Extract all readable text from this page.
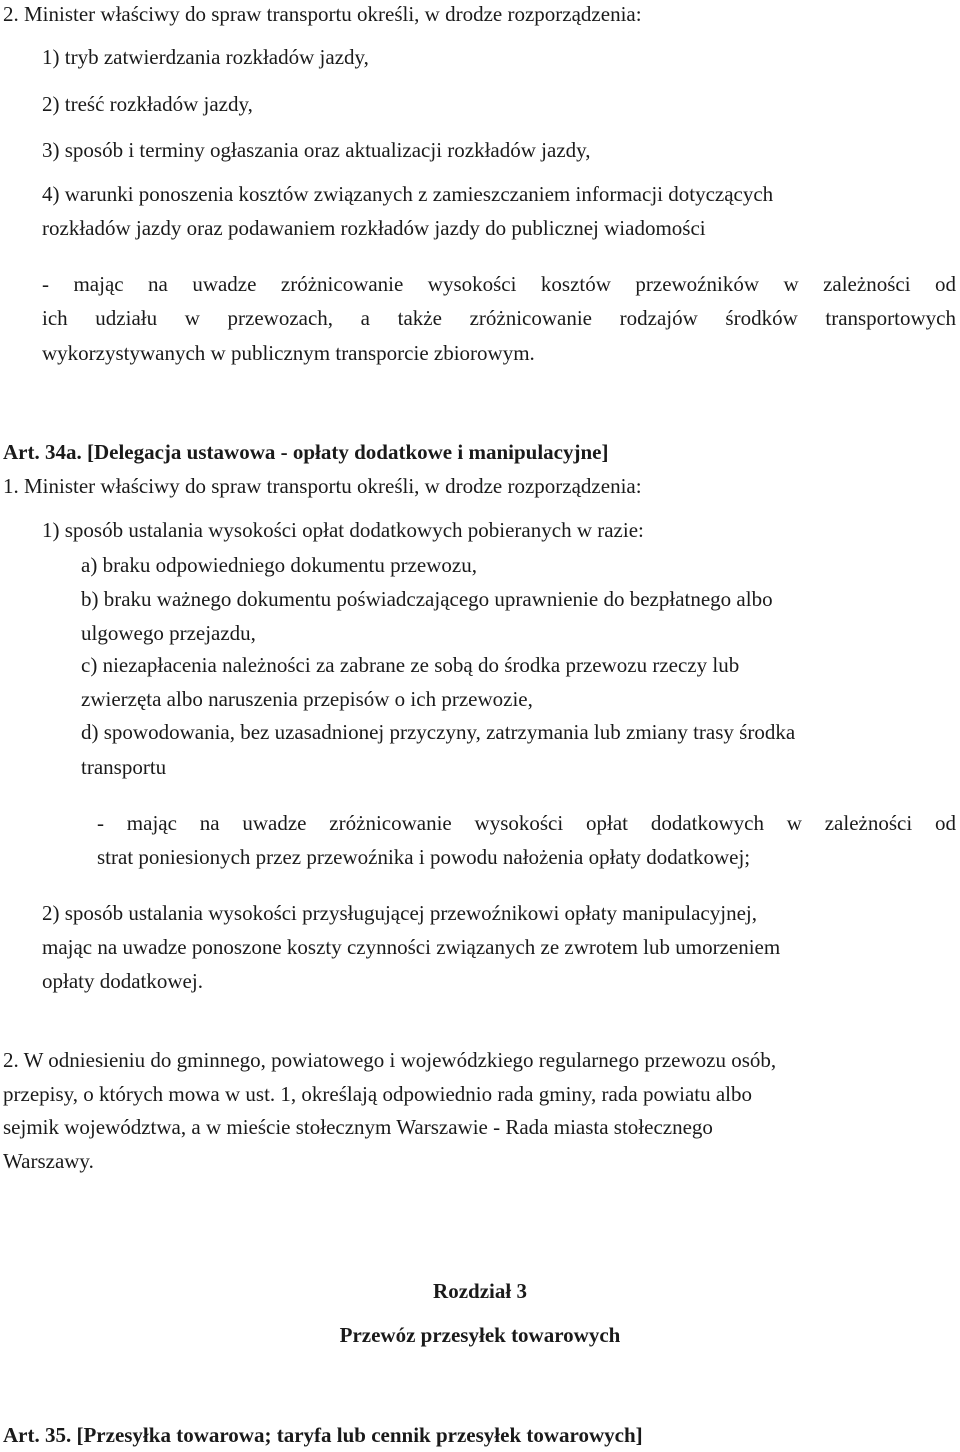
2. Minister właściwy do spraw transportu określi, w drodze rozporządzenia:
1) tryb zatwierdzania rozkładów jazdy,
2) treść rozkładów jazdy,
3) sposób i terminy ogłaszania oraz aktualizacji rozkładów jazdy,
4) warunki ponoszenia kosztów związanych z zamieszczaniem informacji dotyczących
rozkładów jazdy oraz podawaniem rozkładów jazdy do publicznej wiadomości
- mając na uwadze zróżnicowanie wysokości kosztów przewoźników w zależności od
ich udziału w przewozach, a także zróżnicowanie rodzajów środków transportowych
wykorzystywanych w publicznym transporcie zbiorowym.
Art. 34a. [Delegacja ustawowa - opłaty dodatkowe i manipulacyjne]
1. Minister właściwy do spraw transportu określi, w drodze rozporządzenia:
1) sposób ustalania wysokości opłat dodatkowych pobieranych w razie:
a) braku odpowiedniego dokumentu przewozu,
b) braku ważnego dokumentu poświadczającego uprawnienie do bezpłatnego albo
ulgowego przejazdu,
c) niezapłacenia należności za zabrane ze sobą do środka przewozu rzeczy lub
zwierzęta albo naruszenia przepisów o ich przewozie,
d) spowodowania, bez uzasadnionej przyczyny, zatrzymania lub zmiany trasy środka
transportu
- mając na uwadze zróżnicowanie wysokości opłat dodatkowych w zależności od
strat poniesionych przez przewoźnika i powodu nałożenia opłaty dodatkowej;
2) sposób ustalania wysokości przysługującej przewoźnikowi opłaty manipulacyjnej,
mając na uwadze ponoszone koszty czynności związanych ze zwrotem lub umorzeniem
opłaty dodatkowej.
2. W odniesieniu do gminnego, powiatowego i wojewódzkiego regularnego przewozu osób,
przepisy, o których mowa w ust. 1, określają odpowiednio rada gminy, rada powiatu albo
sejmik województwa, a w mieście stołecznym Warszawie - Rada miasta stołecznego
Warszawy.
Rozdział 3
Przewóz przesyłek towarowych
Art. 35. [Przesyłka towarowa; taryfa lub cennik przesyłek towarowych]
